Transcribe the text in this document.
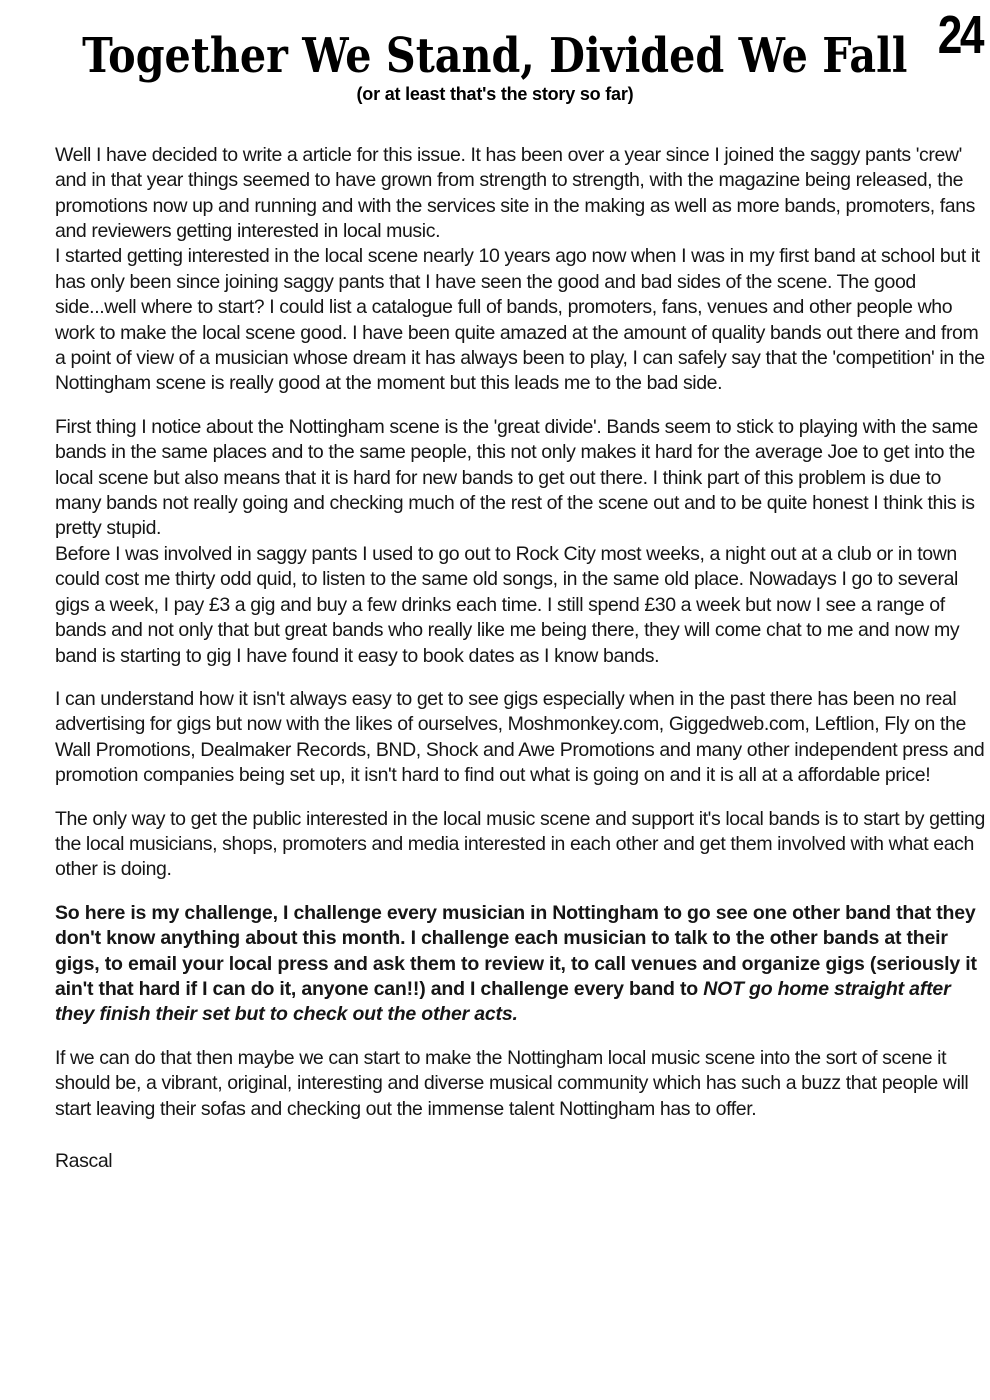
24
Together We Stand, Divided We Fall
(or at least that's the story so far)

Well I have decided to write a article for this issue. It has been over a year since I joined the saggy pants 'crew' and in that year things seemed to have grown from strength to strength, with the magazine being released, the promotions now up and running and with the services site in the making as well as more bands, promoters, fans and reviewers getting interested in local music.

I started getting interested in the local scene nearly 10 years ago now when I was in my first band at school but it has only been since joining saggy pants that I have seen the good and bad sides of the scene. The good side...well where to start? I could list a catalogue full of bands, promoters, fans, venues and other people who work to make the local scene good. I have been quite amazed at the amount of quality bands out there and from a point of view of a musician whose dream it has always been to play, I can safely say that the 'competition' in the Nottingham scene is really good at the moment but this leads me to the bad side.

First thing I notice about the Nottingham scene is the 'great divide'. Bands seem to stick to playing with the same bands in the same places and to the same people, this not only makes it hard for the average Joe to get into the local scene but also means that it is hard for new bands to get out there. I think part of this problem is due to many bands not really going and checking much of the rest of the scene out and to be quite honest I think this is pretty stupid.

Before I was involved in saggy pants I used to go out to Rock City most weeks, a night out at a club or in town could cost me thirty odd quid, to listen to the same old songs, in the same old place. Nowadays I go to several gigs a week, I pay £3 a gig and buy a few drinks each time. I still spend £30 a week but now I see a range of bands and not only that but great bands who really like me being there, they will come chat to me and now my band is starting to gig I have found it easy to book dates as I know bands.

I can understand how it isn't always easy to get to see gigs especially when in the past there has been no real advertising for gigs but now with the likes of ourselves, Moshmonkey.com, Giggedweb.com, Leftlion, Fly on the Wall Promotions, Dealmaker Records, BND, Shock and Awe Promotions and many other independent press and promotion companies being set up, it isn't hard to find out what is going on and it is all at a affordable price!

The only way to get the public interested in the local music scene and support it's local bands is to start by getting the local musicians, shops, promoters and media interested in each other and get them involved with what each other is doing.

So here is my challenge, I challenge every musician in Nottingham to go see one other band that they don't know anything about this month. I challenge each musician to talk to the other bands at their gigs, to email your local press and ask them to review it, to call venues and organize gigs (seriously it ain't that hard if I can do it, anyone can!!) and I challenge every band to NOT go home straight after they finish their set but to check out the other acts.

If we can do that then maybe we can start to make the Nottingham local music scene into the sort of scene it should be, a vibrant, original, interesting and diverse musical community which has such a buzz that people will start leaving their sofas and checking out the immense talent Nottingham has to offer.

Rascal
